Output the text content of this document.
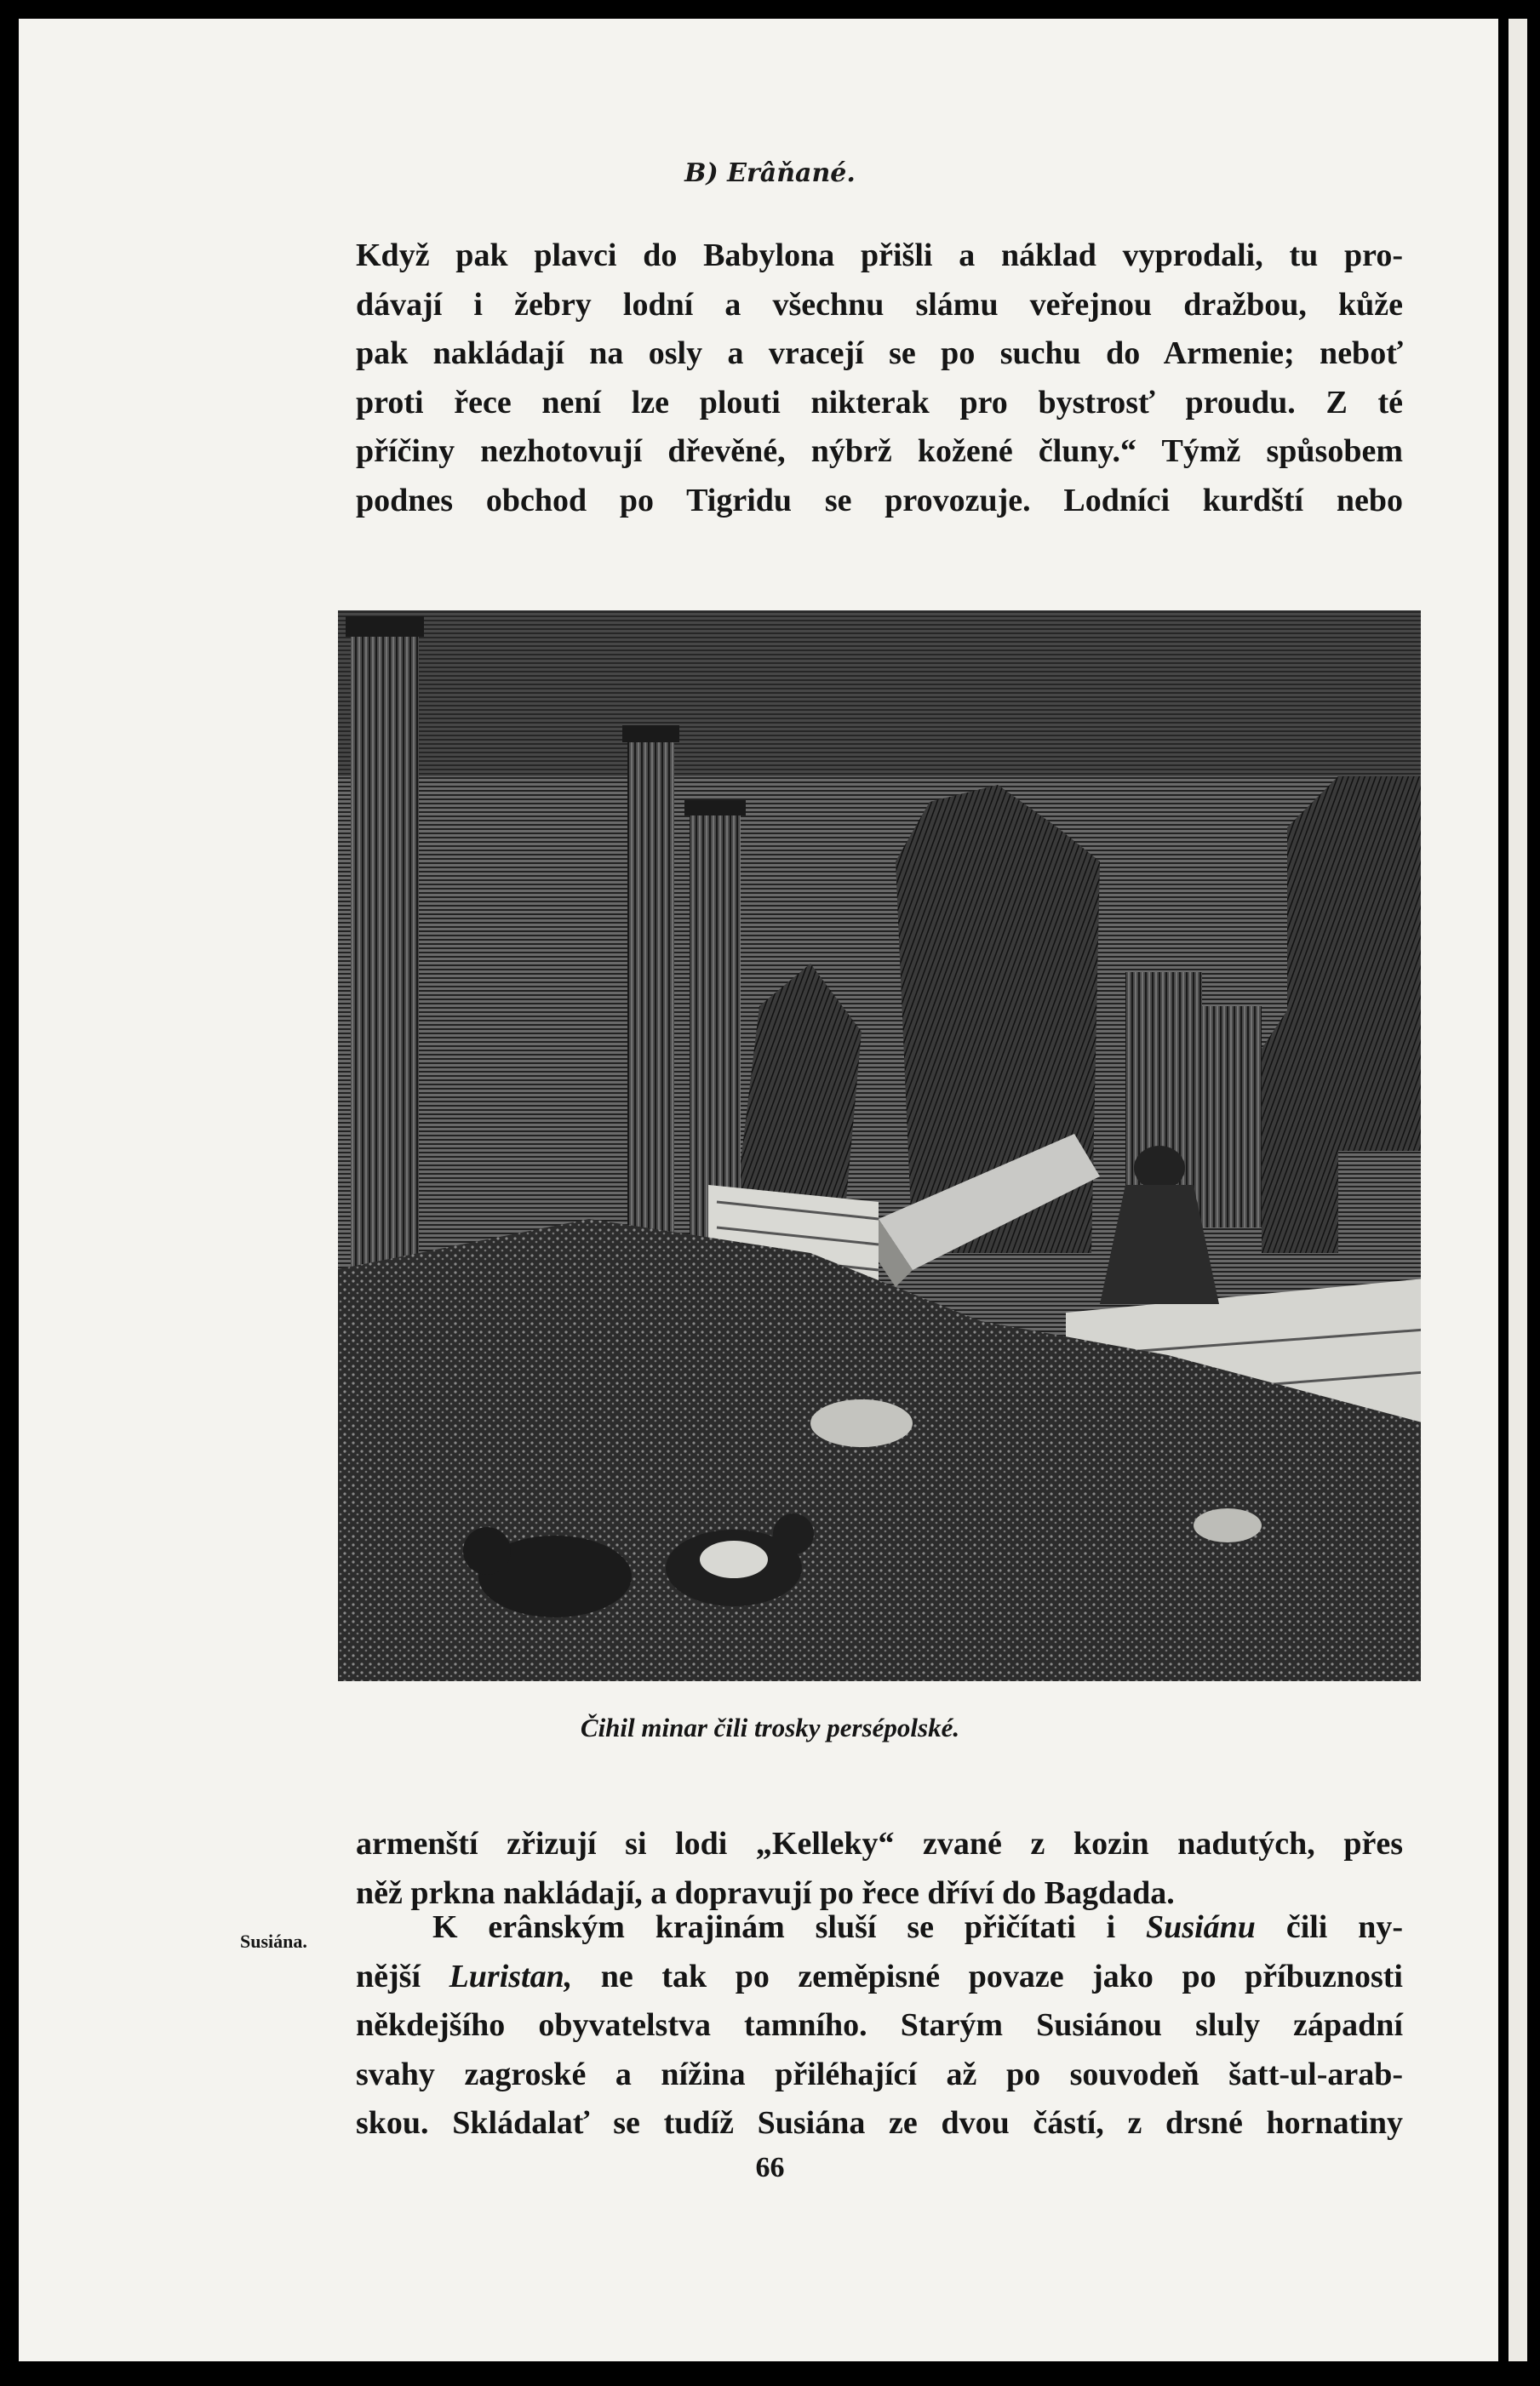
B) Erâňané.

Když pak plavci do Babylona přišli a náklad vyprodali, tu pro-
dávají i žebry lodní a všechnu slámu veřejnou dražbou, kůže
pak nakládají na osly a vracejí se po suchu do Armenie; neboť
proti řece není lze plouti nikterak pro bystrosť proudu. Z té
příčiny nezhotovují dřevěné, nýbrž kožené čluny.“ Týmž spůsobem
podnes obchod po Tigridu se provozuje. Lodníci kurdští nebo

Čihil minar čili trosky persépolské.

armenští zřizují si lodi „Kelleky“ zvané z kozin nadutých, přes
něž prkna nakládají, a dopravují po řece dříví do Bagdada.

Susiána.	K erânským krajinám sluší se přičítati i Susiánu čili ny-
nější Luristan, ne tak po zeměpisné povaze jako po příbuznosti
někdejšího obyvatelstva tamního. Starým Susiánou sluly západní
svahy zagroské a nížina přiléhající až po souvodeň šatt-ul-arab-
skou. Skládalať se tudíž Susiána ze dvou částí, z drsné hornatiny

66
